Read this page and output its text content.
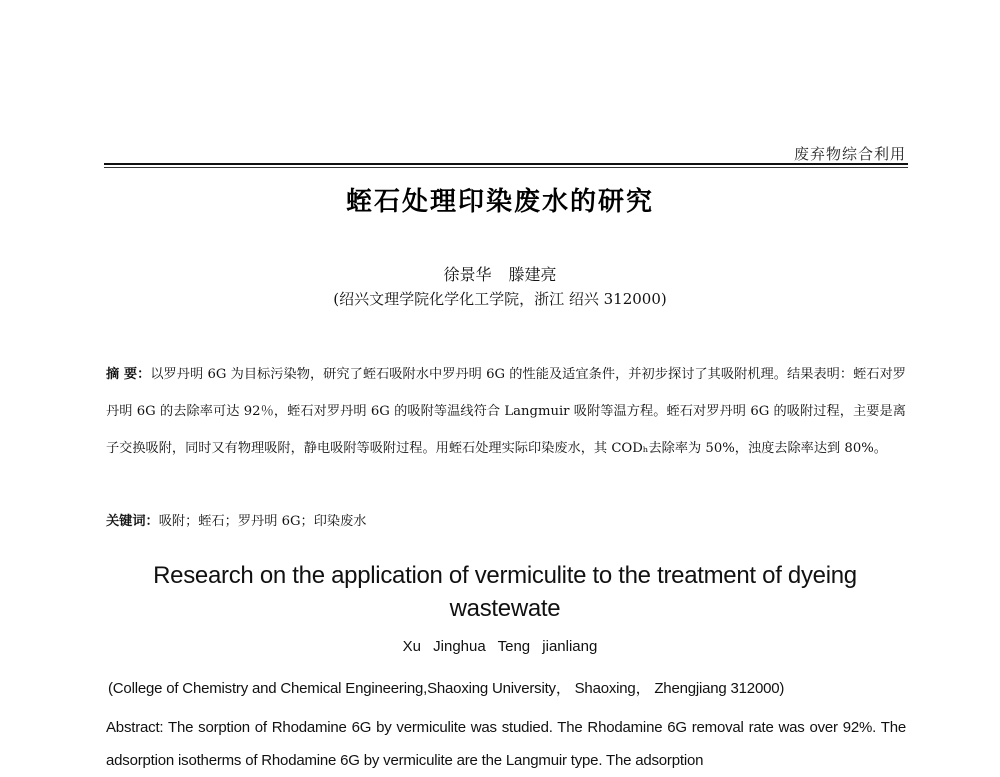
废弃物综合利用
蛭石处理印染废水的研究
徐景华 滕建亮
(绍兴文理学院化学化工学院，浙江 绍兴 312000)
摘 要：以罗丹明 6G 为目标污染物，研究了蛭石吸附水中罗丹明 6G 的性能及适宜条件，并初步探讨了其吸附机理。结果表明：蛭石对罗丹明 6G 的去除率可达 92％，蛭石对罗丹明 6G 的吸附等温线符合 Langmuir 吸附等温方程。蛭石对罗丹明 6G 的吸附过程，主要是离子交换吸附，同时又有物理吸附，静电吸附等吸附过程。用蛭石处理实际印染废水，其 CODₕ去除率为 50%，浊度去除率达到 80%。
关键词：吸附；蛭石；罗丹明 6G；印染废水
Research on the application of vermiculite to the treatment of dyeing wastewate
Xu Jinghua Teng jianliang
(College of Chemistry and Chemical Engineering,Shaoxing University， Shaoxing， Zhengjiang 312000)
Abstract: The sorption of Rhodamine 6G by vermiculite was studied. The Rhodamine 6G removal rate was over 92%. The adsorption isotherms of Rhodamine 6G by vermiculite are the Langmuir type. The adsorption
